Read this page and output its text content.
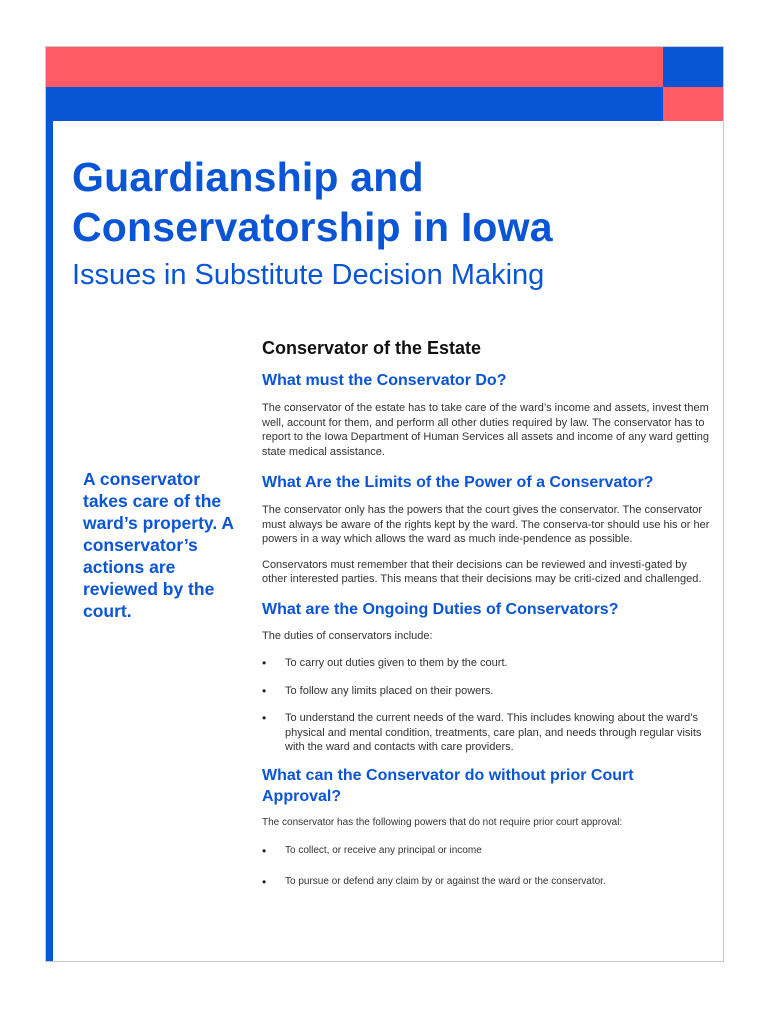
Guardianship and Conservatorship in Iowa
Issues in Substitute Decision Making

A conservator takes care of the ward’s property. A conservator’s actions are reviewed by the court.

Conservator of the Estate
What must the Conservator Do?

The conservator of the estate has to take care of the ward’s income and assets, invest them well, account for them, and perform all other duties required by law. The conservator has to report to the Iowa Department of Human Services all assets and income of any ward getting state medical assistance.

What Are the Limits of the Power of a Conservator?

The conservator only has the powers that the court gives the conservator. The conservator must always be aware of the rights kept by the ward. The conserva-tor should use his or her powers in a way which allows the ward as much inde-pendence as possible.

Conservators must remember that their decisions can be reviewed and investi-gated by other interested parties. This means that their decisions may be criti-cized and challenged.

What are the Ongoing Duties of Conservators?

The duties of conservators include:

• To carry out duties given to them by the court.
• To follow any limits placed on their powers.
• To understand the current needs of the ward. This includes knowing about the ward’s physical and mental condition, treatments, care plan, and needs through regular visits with the ward and contacts with care providers.
What can the Conservator do without prior Court Approval?

The conservator has the following powers that do not require prior court approval:

• To collect, or receive any principal or income
• To pursue or defend any claim by or against the ward or the conservator.
